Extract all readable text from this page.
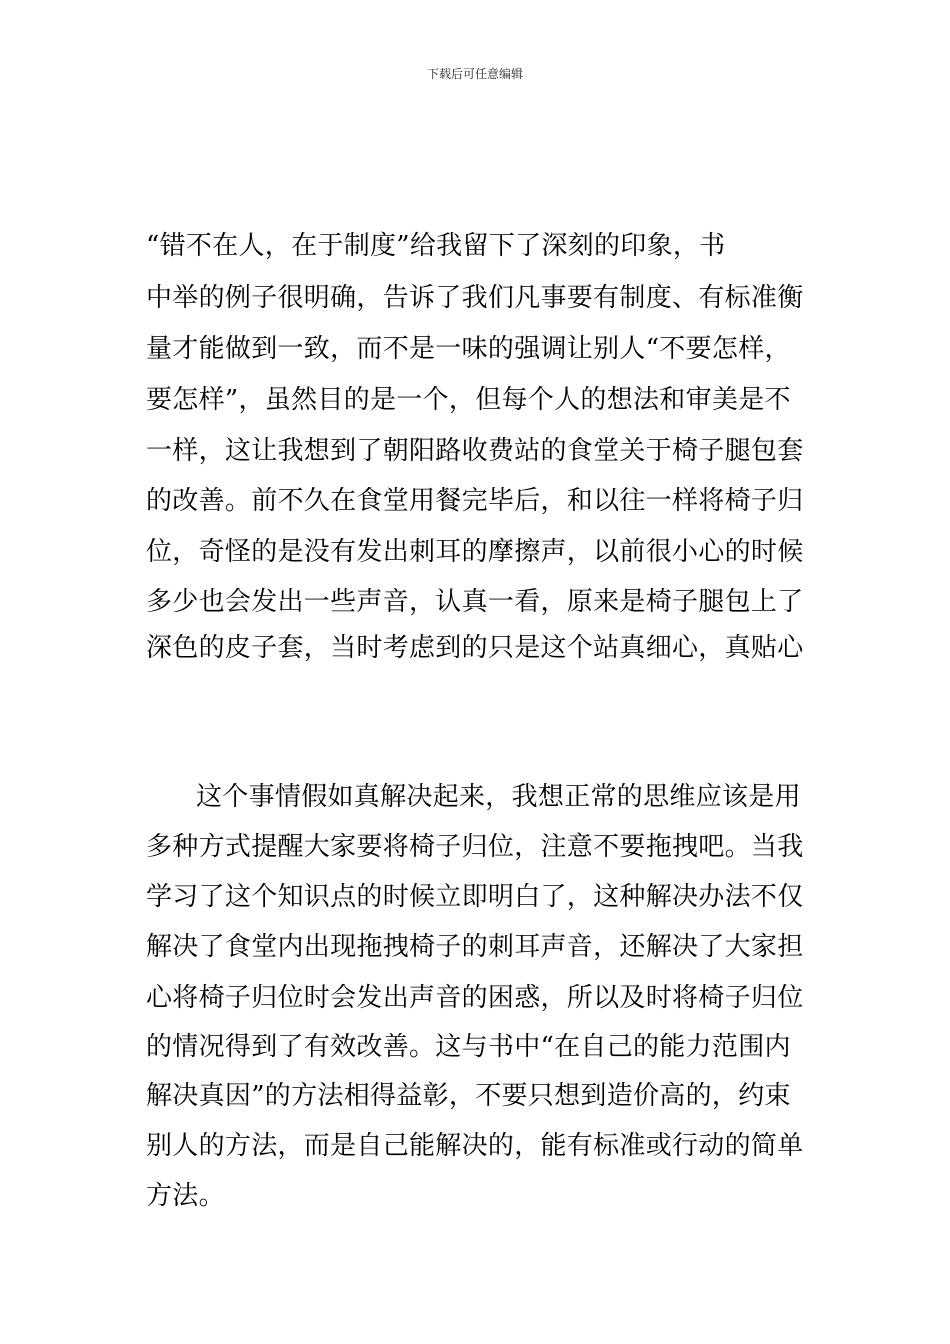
下载后可任意编辑
“错不在人，在于制度”给我留下了深刻的印象，书
中举的例子很明确，告诉了我们凡事要有制度、有标准衡
量才能做到一致，而不是一味的强调让别人“不要怎样，
要怎样”，虽然目的是一个，但每个人的想法和审美是不
一样，这让我想到了朝阳路收费站的食堂关于椅子腿包套
的改善。前不久在食堂用餐完毕后，和以往一样将椅子归
位，奇怪的是没有发出刺耳的摩擦声，以前很小心的时候
多少也会发出一些声音，认真一看，原来是椅子腿包上了
深色的皮子套，当时考虑到的只是这个站真细心，真贴心
这个事情假如真解决起来，我想正常的思维应该是用
多种方式提醒大家要将椅子归位，注意不要拖拽吧。当我
学习了这个知识点的时候立即明白了，这种解决办法不仅
解决了食堂内出现拖拽椅子的刺耳声音，还解决了大家担
心将椅子归位时会发出声音的困惑，所以及时将椅子归位
的情况得到了有效改善。这与书中“在自己的能力范围内
解决真因”的方法相得益彰，不要只想到造价高的，约束
别人的方法，而是自己能解决的，能有标准或行动的简单
方法。
